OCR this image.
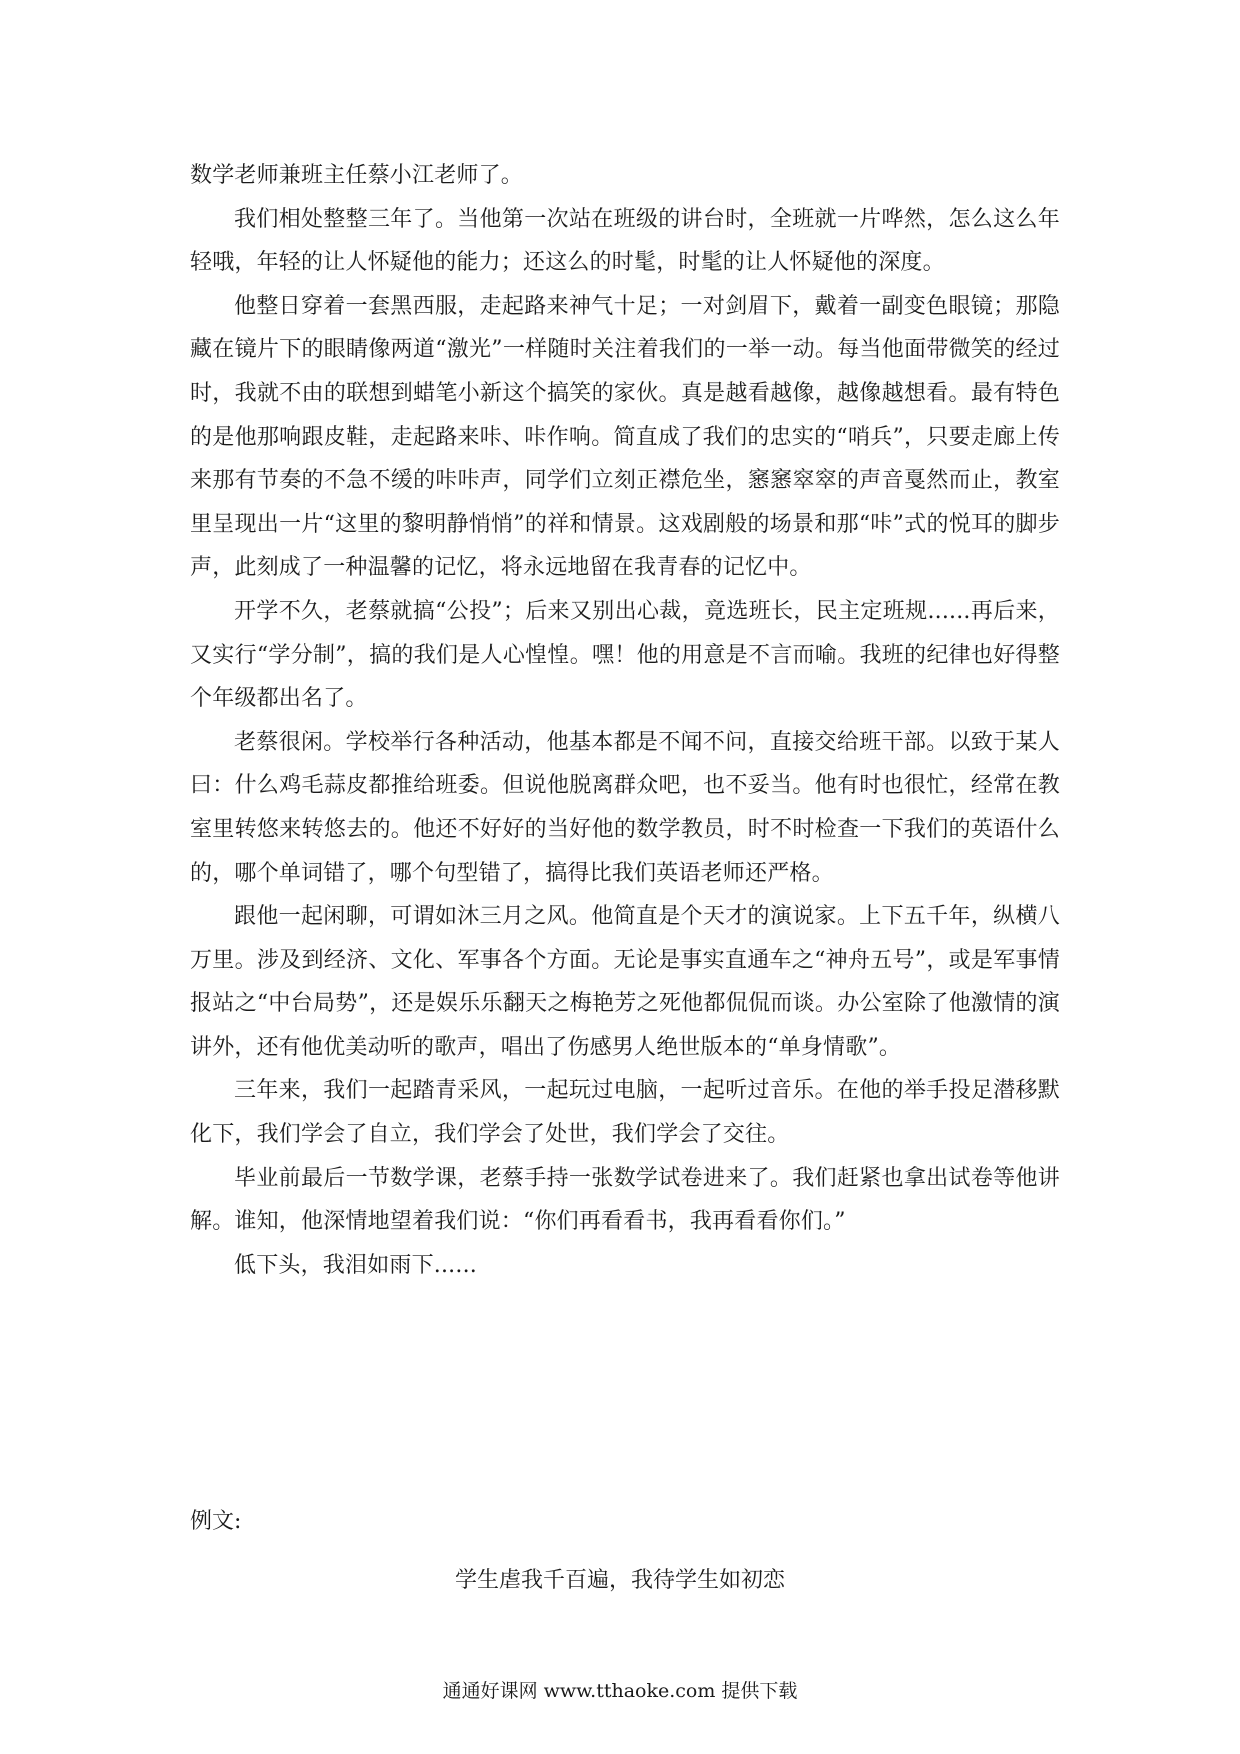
数学老师兼班主任蔡小江老师了。

我们相处整整三年了。当他第一次站在班级的讲台时，全班就一片哗然，怎么这么年轻哦，年轻的让人怀疑他的能力；还这么的时髦，时髦的让人怀疑他的深度。

他整日穿着一套黑西服，走起路来神气十足；一对剑眉下，戴着一副变色眼镜；那隐藏在镜片下的眼睛像两道“激光”一样随时关注着我们的一举一动。每当他面带微笑的经过时，我就不由的联想到蜡笔小新这个搞笑的家伙。真是越看越像，越像越想看。最有特色的是他那响跟皮鞋，走起路来咔、咔作响。简直成了我们的忠实的“哨兵”，只要走廊上传来那有节奏的不急不缓的咔咔声，同学们立刻正襟危坐，窸窸窣窣的声音戛然而止，教室里呈现出一片“这里的黎明静悄悄”的祥和情景。这戏剧般的场景和那“咔”式的悦耳的脚步声，此刻成了一种温馨的记忆，将永远地留在我青春的记忆中。

开学不久，老蔡就搞“公投”；后来又别出心裁，竟选班长，民主定班规......再后来，又实行“学分制”，搞的我们是人心惶惶。嘿！他的用意是不言而喻。我班的纪律也好得整个年级都出名了。

老蔡很闲。学校举行各种活动，他基本都是不闻不问，直接交给班干部。以致于某人曰：什么鸡毛蒜皮都推给班委。但说他脱离群众吧，也不妥当。他有时也很忙，经常在教室里转悠来转悠去的。他还不好好的当好他的数学教员，时不时检查一下我们的英语什么的，哪个单词错了，哪个句型错了，搞得比我们英语老师还严格。

跟他一起闲聊，可谓如沐三月之风。他简直是个天才的演说家。上下五千年，纵横八万里。涉及到经济、文化、军事各个方面。无论是事实直通车之“神舟五号”，或是军事情报站之“中台局势”，还是娱乐乐翻天之梅艳芳之死他都侃侃而谈。办公室除了他激情的演讲外，还有他优美动听的歌声，唱出了伤感男人绝世版本的“单身情歌”。

三年来，我们一起踏青采风，一起玩过电脑，一起听过音乐。在他的举手投足潜移默化下，我们学会了自立，我们学会了处世，我们学会了交往。

毕业前最后一节数学课，老蔡手持一张数学试卷进来了。我们赶紧也拿出试卷等他讲解。谁知，他深情地望着我们说：“你们再看看书，我再看看你们。”

低下头，我泪如雨下......

例文:
学生虐我千百遍，我待学生如初恋
通通好课网 www.tthaoke.com 提供下载
